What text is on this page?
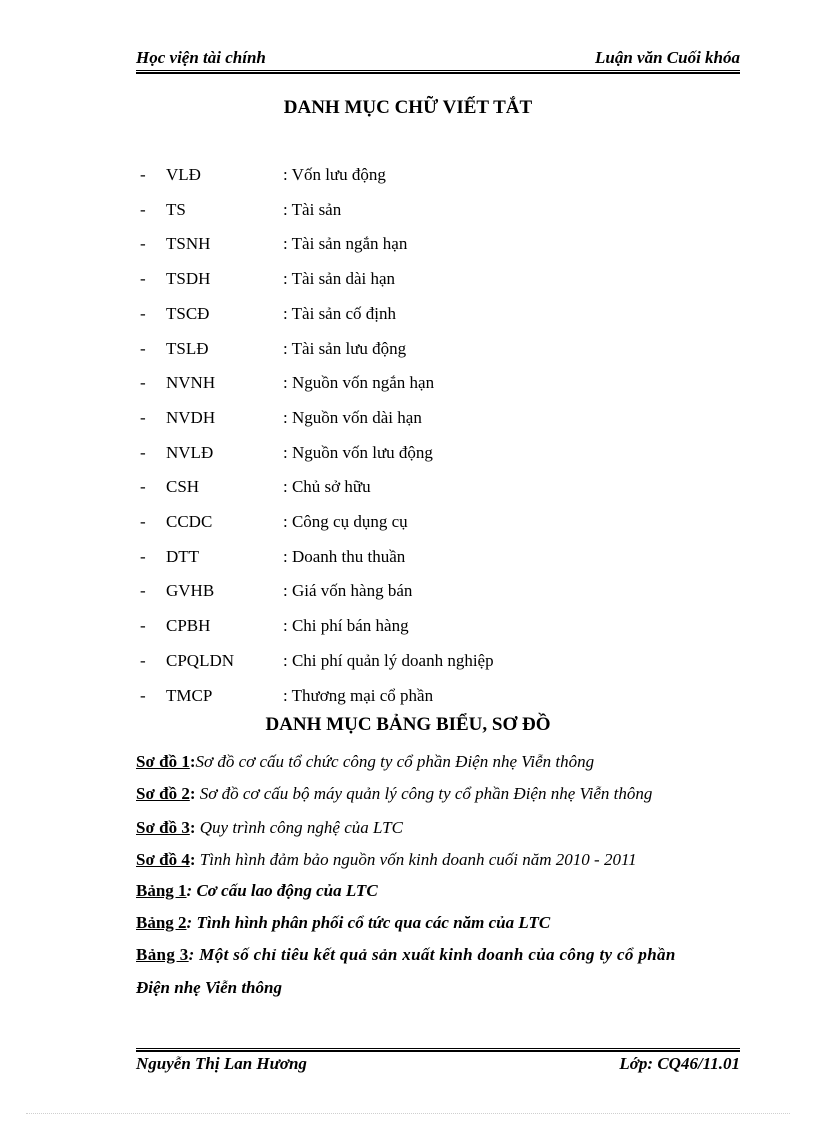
Học viện tài chính	Luận văn Cuối khóa
DANH MỤC CHỮ VIẾT TẮT
-	VLĐ	: Vốn lưu động
-	TS	: Tài sản
-	TSNH	: Tài sản ngắn hạn
-	TSDH	: Tài sản dài hạn
-	TSCĐ	: Tài sản cố định
-	TSLĐ	: Tài sản lưu động
-	NVNH	: Nguồn vốn ngắn hạn
-	NVDH	: Nguồn vốn dài hạn
-	NVLĐ	: Nguồn vốn lưu động
-	CSH	: Chủ sở hữu
-	CCDC	: Công cụ dụng cụ
-	DTT	: Doanh thu thuần
-	GVHB	: Giá vốn hàng bán
-	CPBH	: Chi phí bán hàng
-	CPQLDN	: Chi phí quản lý doanh nghiệp
-	TMCP	: Thương mại cổ phần
DANH MỤC BẢNG BIỂU, SƠ ĐỒ
Sơ đồ 1:Sơ đồ cơ cấu tổ chức công ty cổ phần Điện nhẹ Viễn thông
Sơ đồ 2: Sơ đồ cơ cấu bộ máy quản lý công ty cổ phần Điện nhẹ Viễn thông
Sơ đồ 3: Quy trình công nghệ của LTC
Sơ đồ 4: Tình hình đảm bảo nguồn vốn kinh doanh cuối năm 2010 - 2011
Bảng 1: Cơ cấu lao động của LTC
Bảng 2: Tình hình phân phối cổ tức qua các năm của LTC
Bảng 3: Một số chỉ tiêu kết quả sản xuất kinh doanh của công ty cổ phần
Điện nhẹ Viễn thông
Nguyễn Thị Lan Hương	Lớp: CQ46/11.01
